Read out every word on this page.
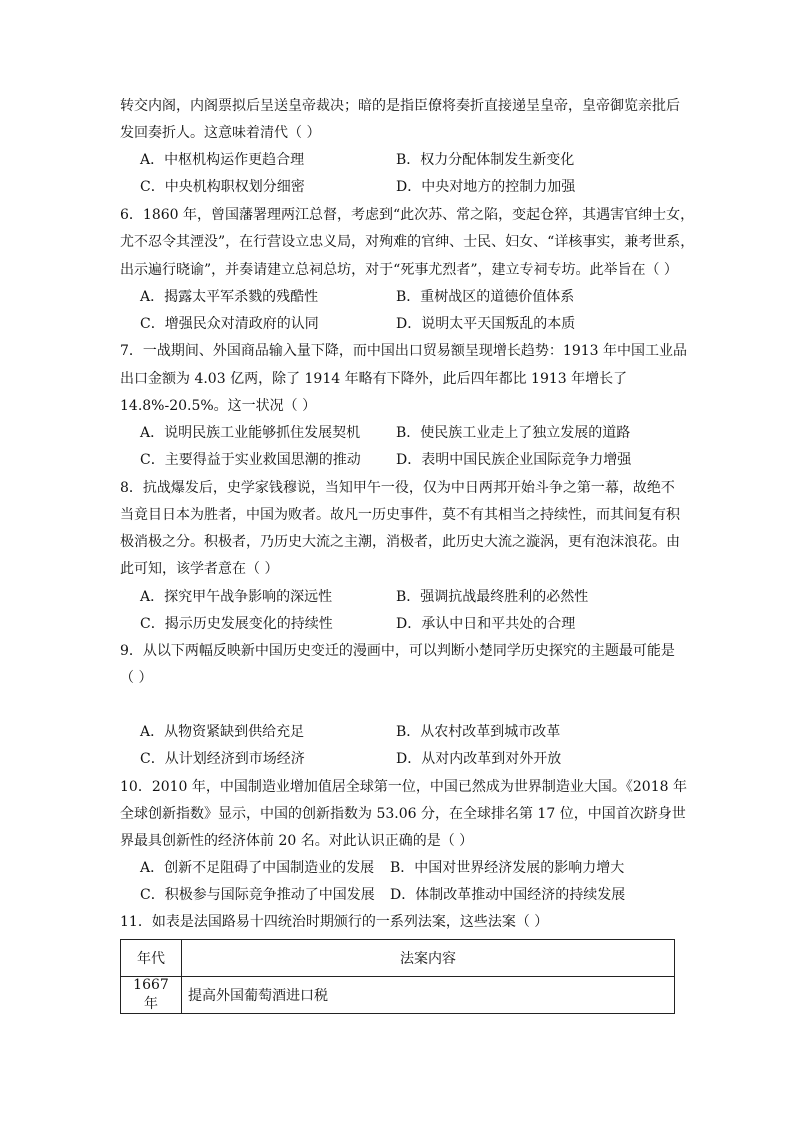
转交内阁，内阁票拟后呈送皇帝裁决；暗的是指臣僚将奏折直接递呈皇帝，皇帝御览亲批后
发回奏折人。这意味着清代（ ）
A．中枢机构运作更趋合理	B．权力分配体制发生新变化
C．中央机构职权划分细密	D．中央对地方的控制力加强
6．1860 年，曾国藩署理两江总督，考虑到“此次苏、常之陷，变起仓猝，其遇害官绅士女，
尤不忍令其湮没”，在行营设立忠义局，对殉难的官绅、士民、妇女、“详核事实，兼考世系，
出示遍行晓谕”，并奏请建立总祠总坊，对于“死事尤烈者”，建立专祠专坊。此举旨在（ ）
A．揭露太平军杀戮的残酷性	B．重树战区的道德价值体系
C．增强民众对清政府的认同	D．说明太平天国叛乱的本质
7．一战期间、外国商品输入量下降，而中国出口贸易额呈现增长趋势：1913 年中国工业品
出口金额为 4.03 亿两，除了 1914 年略有下降外，此后四年都比 1913 年增长了
14.8%-20.5%。这一状况（ ）
A．说明民族工业能够抓住发展契机	B．使民族工业走上了独立发展的道路
C．主要得益于实业救国思潮的推动	D．表明中国民族企业国际竞争力增强
8．抗战爆发后，史学家钱穆说，当知甲午一役，仅为中日两邦开始斗争之第一幕，故绝不
当竟目日本为胜者，中国为败者。故凡一历史事件，莫不有其相当之持续性，而其间复有积
极消极之分。积极者，乃历史大流之主潮，消极者，此历史大流之漩涡，更有泡沫浪花。由
此可知，该学者意在（ ）
A．探究甲午战争影响的深远性	B．强调抗战最终胜利的必然性
C．揭示历史发展变化的持续性	D．承认中日和平共处的合理
9．从以下两幅反映新中国历史变迁的漫画中，可以判断小楚同学历史探究的主题最可能是
（ ）
A．从物资紧缺到供给充足	B．从农村改革到城市改革
C．从计划经济到市场经济	D．从对内改革到对外开放
10．2010 年，中国制造业增加值居全球第一位，中国已然成为世界制造业大国。《2018 年
全球创新指数》显示，中国的创新指数为 53.06 分，在全球排名第 17 位，中国首次跻身世
界最具创新性的经济体前 20 名。对此认识正确的是（ ）
A．创新不足阻碍了中国制造业的发展 B．中国对世界经济发展的影响力增大
C．积极参与国际竞争推动了中国发展 D．体制改革推动中国经济的持续发展
11．如表是法国路易十四统治时期颁行的一系列法案，这些法案（ ）
年代	法案内容
1667 年	提高外国葡萄酒进口税
